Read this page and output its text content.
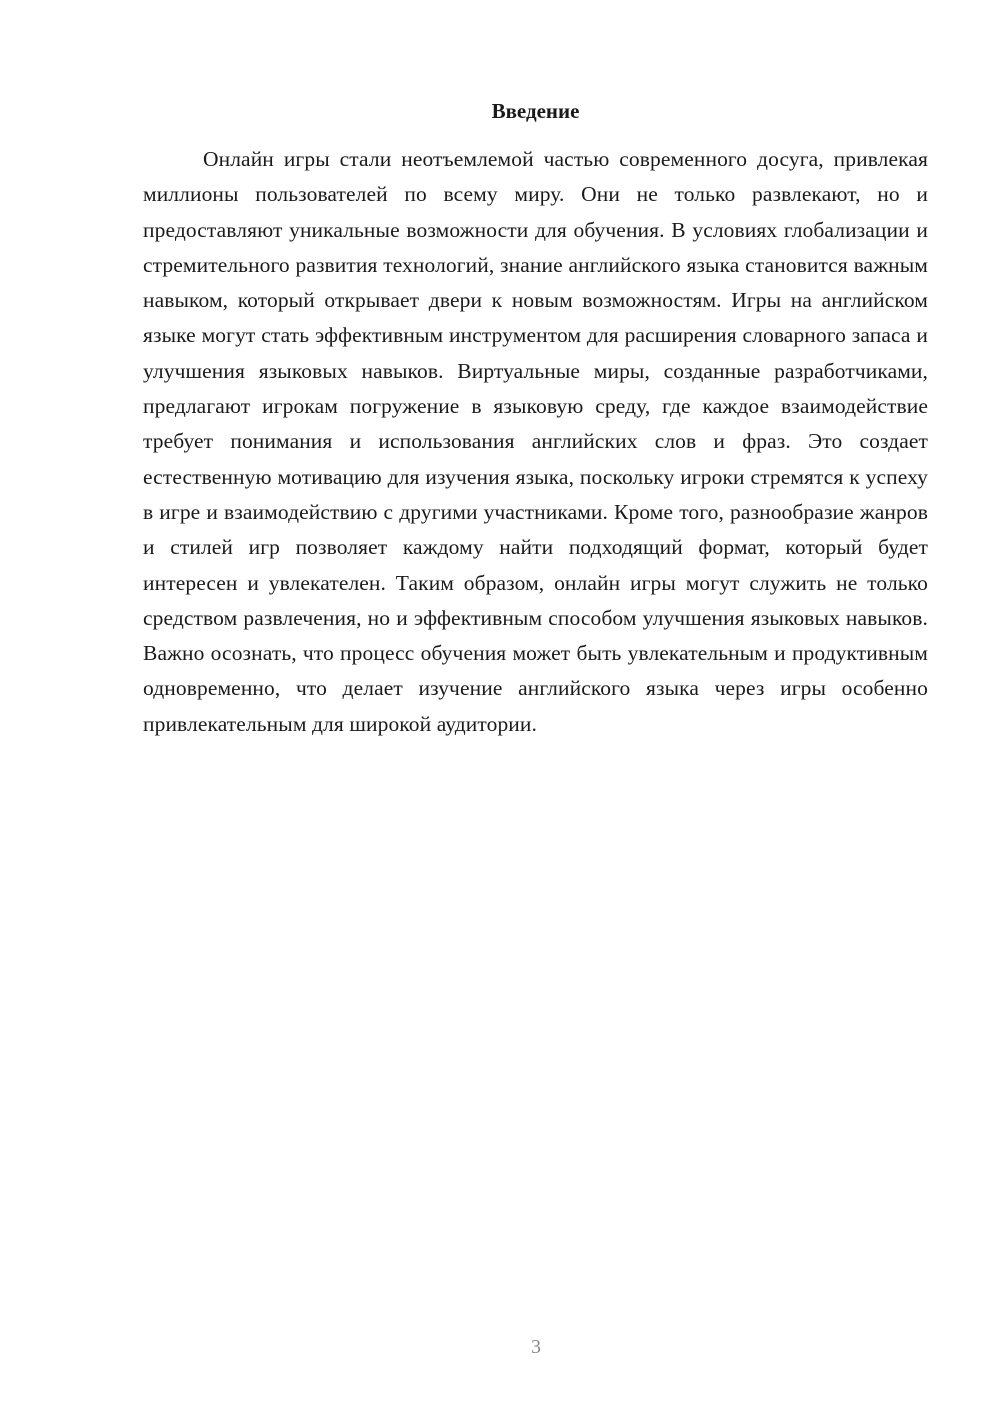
Введение

Онлайн игры стали неотъемлемой частью современного досуга, привлекая миллионы пользователей по всему миру. Они не только развлекают, но и предоставляют уникальные возможности для обучения. В условиях глобализации и стремительного развития технологий, знание английского языка становится важным навыком, который открывает двери к новым возможностям. Игры на английском языке могут стать эффективным инструментом для расширения словарного запаса и улучшения языковых навыков. Виртуальные миры, созданные разработчиками, предлагают игрокам погружение в языковую среду, где каждое взаимодействие требует понимания и использования английских слов и фраз. Это создает естественную мотивацию для изучения языка, поскольку игроки стремятся к успеху в игре и взаимодействию с другими участниками. Кроме того, разнообразие жанров и стилей игр позволяет каждому найти подходящий формат, который будет интересен и увлекателен. Таким образом, онлайн игры могут служить не только средством развлечения, но и эффективным способом улучшения языковых навыков. Важно осознать, что процесс обучения может быть увлекательным и продуктивным одновременно, что делает изучение английского языка через игры особенно привлекательным для широкой аудитории.

3
